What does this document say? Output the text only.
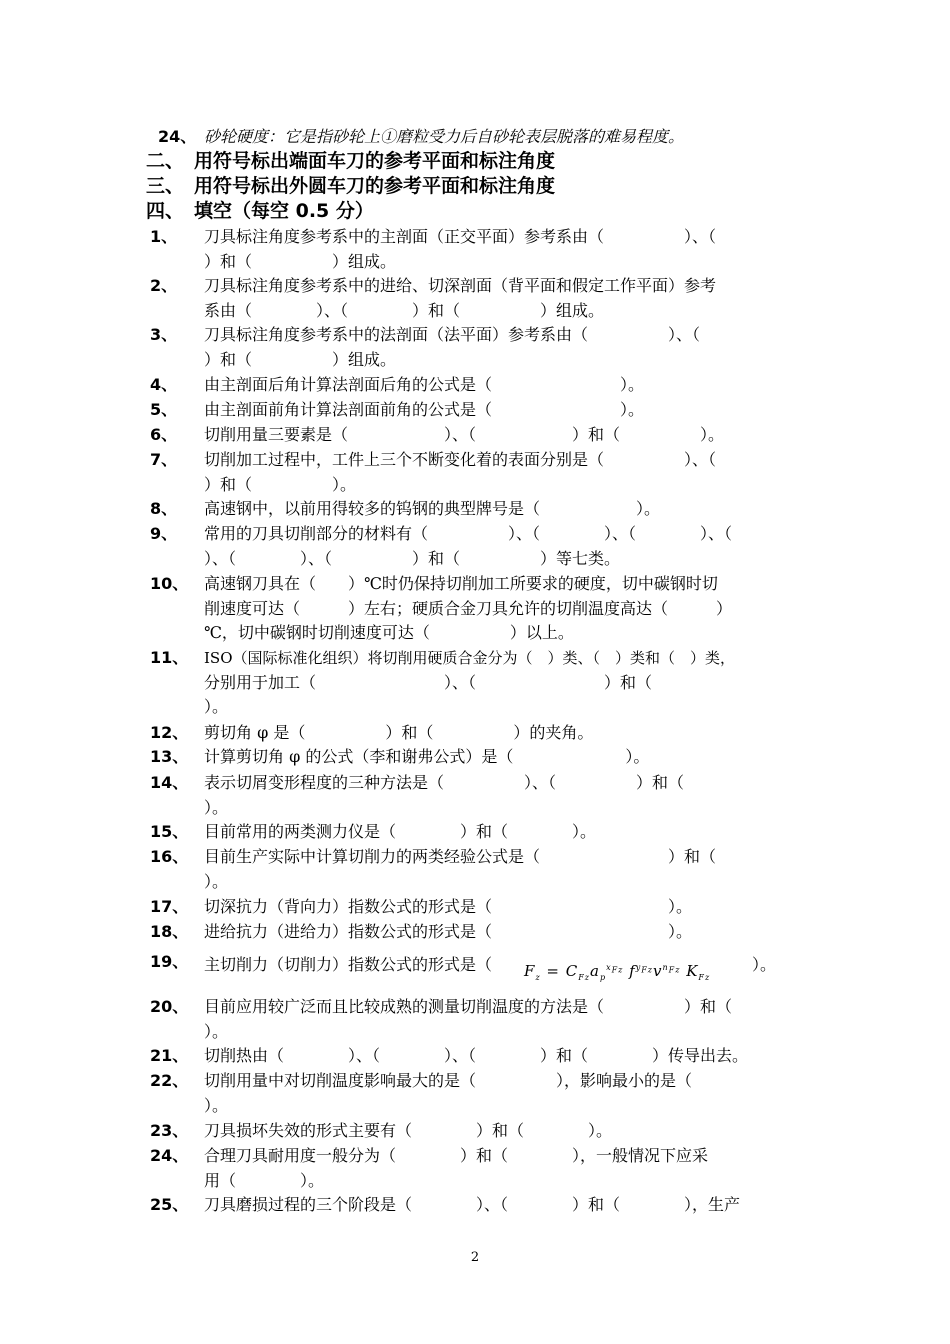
24、 砂轮硬度：它是指砂轮上①磨粒受力后自砂轮表层脱落的难易程度。
二、 用符号标出端面车刀的参考平面和标注角度
三、 用符号标出外圆车刀的参考平面和标注角度
四、 填空（每空 0.5 分）
1、	刀具标注角度参考系中的主剖面（正交平面）参考系由（　　　　　）、（
）和（　　　　　）组成。
2、	刀具标注角度参考系中的进给、切深剖面（背平面和假定工作平面）参考
系由（　　　　）、（　　　　）和（　　　　　）组成。
3、	刀具标注角度参考系中的法剖面（法平面）参考系由（　　　　　）、（
）和（　　　　　）组成。
4、	由主剖面后角计算法剖面后角的公式是（　　　　　　　　）。
5、	由主剖面前角计算法剖面前角的公式是（　　　　　　　　）。
6、	切削用量三要素是（　　　　　　）、（　　　　　　）和（　　　　　）。
7、	切削加工过程中，工件上三个不断变化着的表面分别是（　　　　　）、（
）和（　　　　　）。
8、	高速钢中，以前用得较多的钨钢的典型牌号是（　　　　　　）。
9、	常用的刀具切削部分的材料有（　　　　　）、（　　　　）、（　　　　）、（
）、（　　　　）、（　　　　　）和（　　　　　）等七类。
10、 高速钢刀具在（　　）℃时仍保持切削加工所要求的硬度，切中碳钢时切
削速度可达（　　　）左右；硬质合金刀具允许的切削温度高达（　　　）
℃，切中碳钢时切削速度可达（　　　　　）以上。
11、	ISO（国际标准化组织）将切削用硬质合金分为（　）类、（　）类和（　）类，
分别用于加工（　　　　　　　　）、（　　　　　　　　）和（
）。
12、 剪切角 φ 是（　　　　　）和（　　　　　）的夹角。
13、 计算剪切角 φ 的公式（李和谢弗公式）是（　　　　　　　）。
14、 表示切屑变形程度的三种方法是（　　　　　）、（　　　　　）和（
）。
15、 目前常用的两类测力仪是（　　　　）和（　　　　）。
16、 目前生产实际中计算切削力的两类经验公式是（　　　　　　　　）和（
）。
17、 切深抗力（背向力）指数公式的形式是（　　　　　　　　　　　）。
18、 进给抗力（进给力）指数公式的形式是（　　　　　　　　　　　）。
19、 主切削力（切削力）指数公式的形式是（ $F_z = C_{Fz}a_p^{x_{Fz}}$ $f^{y_{Fz}}v^{n_{Fz}}$ $K_{Fz}$）。
20、 目前应用较广泛而且比较成熟的测量切削温度的方法是（　　　　　）和（
）。
21、 切削热由（　　　　）、（　　　　）、（　　　　）和（　　　　）传导出去。
22、 切削用量中对切削温度影响最大的是（　　　　　），影响最小的是（
）。
23、 刀具损坏失效的形式主要有（　　　　）和（　　　　）。
24、 合理刀具耐用度一般分为（　　　　）和（　　　　），一般情况下应采
用（　　　　）。
25、 刀具磨损过程的三个阶段是（　　　　）、（　　　　）和（　　　　），生产
2
